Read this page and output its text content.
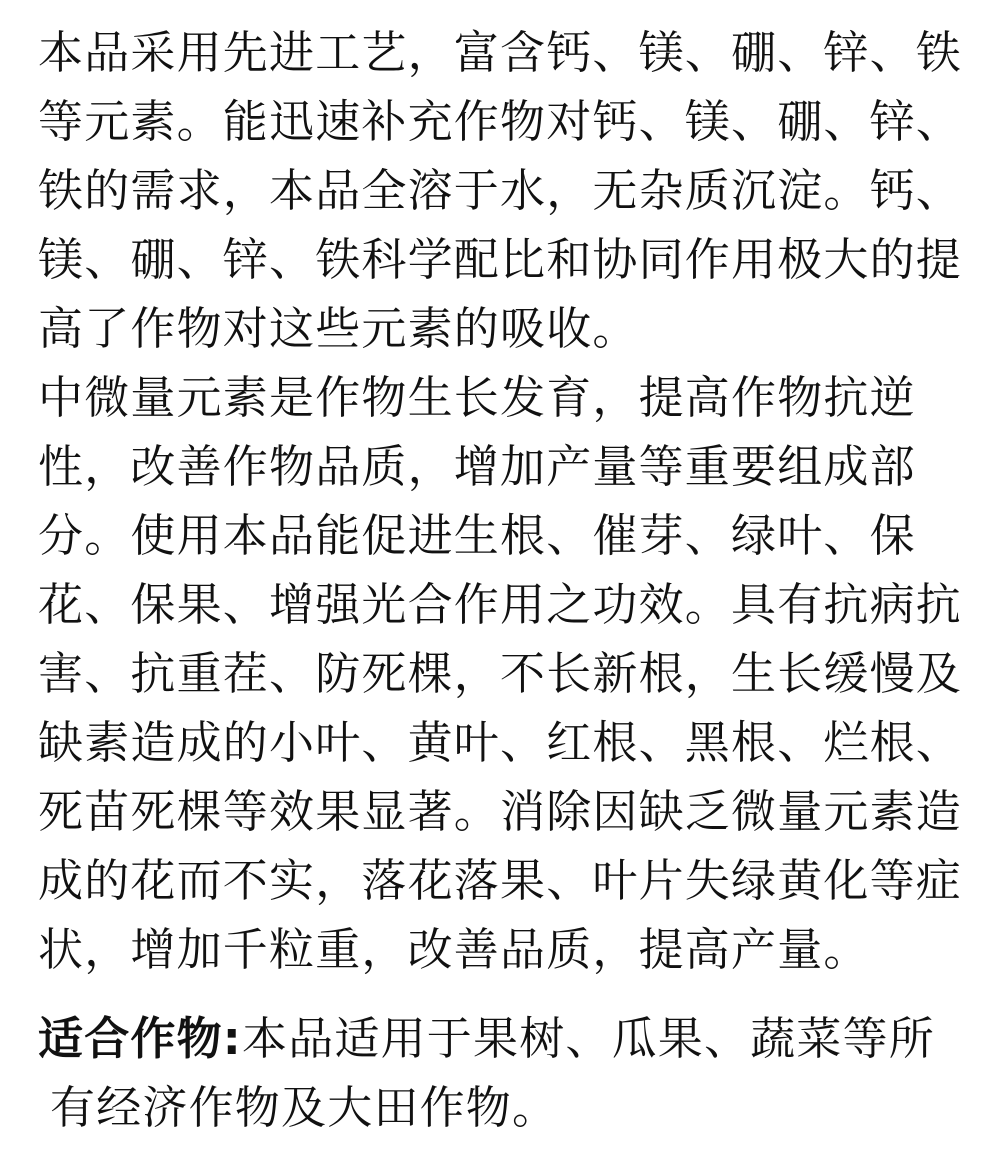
本品采用先进工艺，富含钙、镁、硼、锌、铁
等元素。能迅速补充作物对钙、镁、硼、锌、
铁的需求，本品全溶于水，无杂质沉淀。钙、
镁、硼、锌、铁科学配比和协同作用极大的提
高了作物对这些元素的吸收。
中微量元素是作物生长发育，提高作物抗逆
性，改善作物品质，增加产量等重要组成部
分。使用本品能促进生根、催芽、绿叶、保
花、保果、增强光合作用之功效。具有抗病抗
害、抗重茬、防死棵，不长新根，生长缓慢及
缺素造成的小叶、黄叶、红根、黑根、烂根、
死苗死棵等效果显著。消除因缺乏微量元素造
成的花而不实，落花落果、叶片失绿黄化等症
状，增加千粒重，改善品质，提高产量。
适合作物:本品适用于果树、瓜果、蔬菜等所
有经济作物及大田作物。
